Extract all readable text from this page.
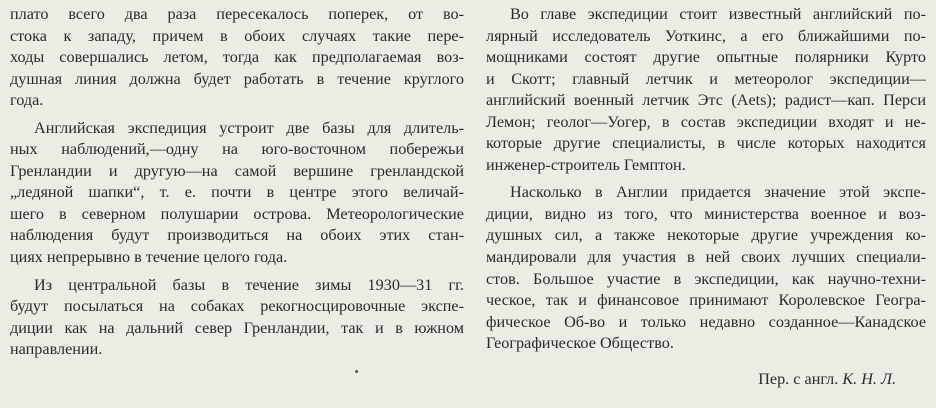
плато всего два раза пересекалось поперек, от во-
стока к западу, причем в обоих случаях такие пере-
ходы совершались летом, тогда как предполагаемая воз-
душная линия должна будет работать в течение круглого
года.
Английская экспедиция устроит две базы для длитель-
ных наблюдений,—одну на юго-восточном побережьи
Гренландии и другую—на самой вершине гренландской
„ледяной шапки“, т. е. почти в центре этого величай-
шего в северном полушарии острова. Метеорологические
наблюдения будут производиться на обоих этих стан-
циях непрерывно в течение целого года.
Из центральной базы в течение зимы 1930—31 гг.
будут посылаться на собаках рекогносцировочные экспе-
диции как на дальний север Гренландии, так и в южном
направлении.
Во главе экспедиции стоит известный английский по-
лярный исследователь Уоткинс, а его ближайшими по-
мощниками состоят другие опытные полярники Курто
и Скотт; главный летчик и метеоролог экспедиции—
английский военный летчик Этс (Aets); радист—кап. Перси
Лемон; геолог—Уогер, в состав экспедиции входят и не-
которые другие специалисты, в числе которых находится
инженер-строитель Гемптон.
Насколько в Англии придается значение этой экспе-
диции, видно из того, что министерства военное и воз-
душных сил, а также некоторые другие учреждения ко-
мандировали для участия в ней своих лучших специали-
стов. Большое участие в экспедиции, как научно-техни-
ческое, так и финансовое принимают Королевское Геогра-
фическое Об-во и только недавно созданное—Канадское
Географическое Общество.
Пер. с англ. К. Н. Л.
